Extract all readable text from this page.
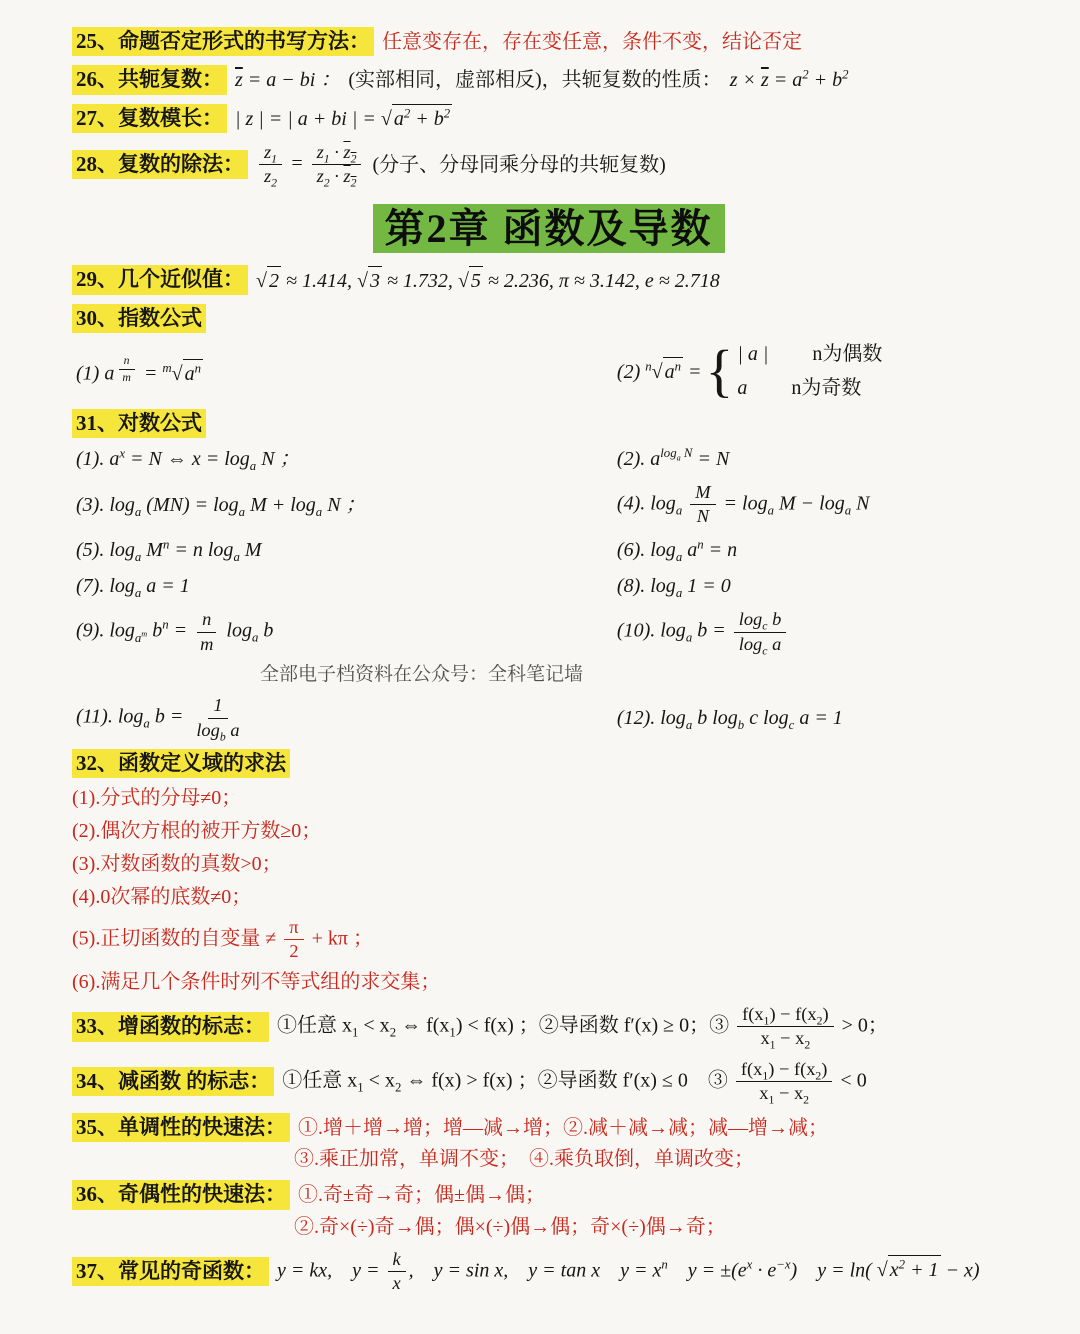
25、命题否定形式的书写方法： 任意变存在，存在变任意，条件不变，结论否定
26、共轭复数： $\overline{z} = a$ − bi ： (实部相同，虚部相反)，共轭复数的性质： $z \times \overline{z} = a^2 + b^2$
27、复数模长： | z | = | a + bi | = √ $a^2 + b^2$
28、复数的除法： $\frac{z_1}{z_2} = \frac{z_1 \cdot z_2}{z_2 \cdot z_2}$ (分子、分母同乘分母的共轭复数)
第2章 函数及导数
29、几个近似值： √ 2 ≈ 1.414, √ 3 ≈ 1.732, √ 5 ≈ 2.236, π ≈ 3.142, e ≈ 2.718
30、指数公式
(1) a $^{\frac{n}{m}}$ = $^m$√ $a^n$	(2) $^n$√ $a^n$ =
{
| a | n为偶数
a n为奇数
31、对数公式
(1). $a^x = N$ ⇔ $x = \log_a N$ ；	(2). $a^{log_a N} = N$
(3). $\log_a (MN) = \log_a M + \log_a N$ ；	(4). $\log_a \frac{M}{N} = \log_a M - \log_a N$
(5). $\log_a M^n = n$ $\log_a M$	(6). $\log_a a^n = n$
(7). $\log_a a = 1$	(8). $\log_a 1 = 0$
(9). $\log_{a^m} b^n = \frac{n}{m} \log_a b$	(10). $\log_a b = \frac{\log_c b}{\log_c a}$
全部电子档资料在公众号：全科笔记墙
(11). $\log_a b = \frac{1}{\log_b a}$	(12). $\log_a b$ $\log_b c$ $\log_c a = 1$
32、函数定义域的求法
(1).分式的分母≠0；
(2).偶次方根的被开方数≥0；
(3).对数函数的真数>0；
(4).0次幂的底数≠0；
(5).正切函数的自变量 ≠ $\frac{\pi}{2} + k\pi$ ；
(6).满足几个条件时列不等式组的求交集；
33、增函数的标志： ①任意 $x_1 < x_2$ ⇔ $f(x_1) < f(x)$ ；②导函数 f′(x) ≥ 0；③ $\frac{f(x_1) - f(x_2)}{x_1 - x_2} > 0$；
34、减函数 的标志： ①任意 $x_1 < x_2$ ⇔ f(x) > f(x) ；②导函数 f′(x) ≤ 0　③ $\frac{f(x_1) - f(x_2)}{x_1 - x_2} < 0$
35、单调性的快速法： ①.增＋增→增；增—减→增；②.减＋减→减；减—增→减；
③.乘正加常，单调不变；　④.乘负取倒，单调改变；
36、奇偶性的快速法： ①.奇±奇→奇；偶±偶→偶；
②.奇×(÷)奇→偶；偶×(÷)偶→偶；奇×(÷)偶→奇；
37、常见的奇函数： y = kx,　$y = \frac{k}{x}$ ,　y = sin x,　y = tan x　$y = x^n$　$y = \pm(e^x \cdot e^{-x})$　y = ln( √ $x^2 + 1 - x$)
